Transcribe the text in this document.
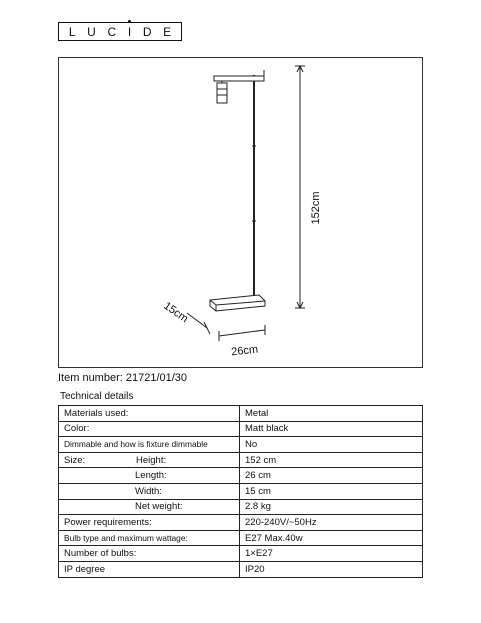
L U C I D E
152cm
15cm
26cm
Item number: 21721/01/30
Technical details
Materials used:	Metal
Color:	Matt black
Dimmable and how is fixture dimmable	No

Size: Height:	152 cm
Length:	26 cm
Width:	15 cm
Net weight:	2.8 kg
Power requirements:	220-240V/~50Hz
Bulb type and maximum wattage:	E27 Max.40w
Number of bulbs:	1×E27
IP degree	IP20
